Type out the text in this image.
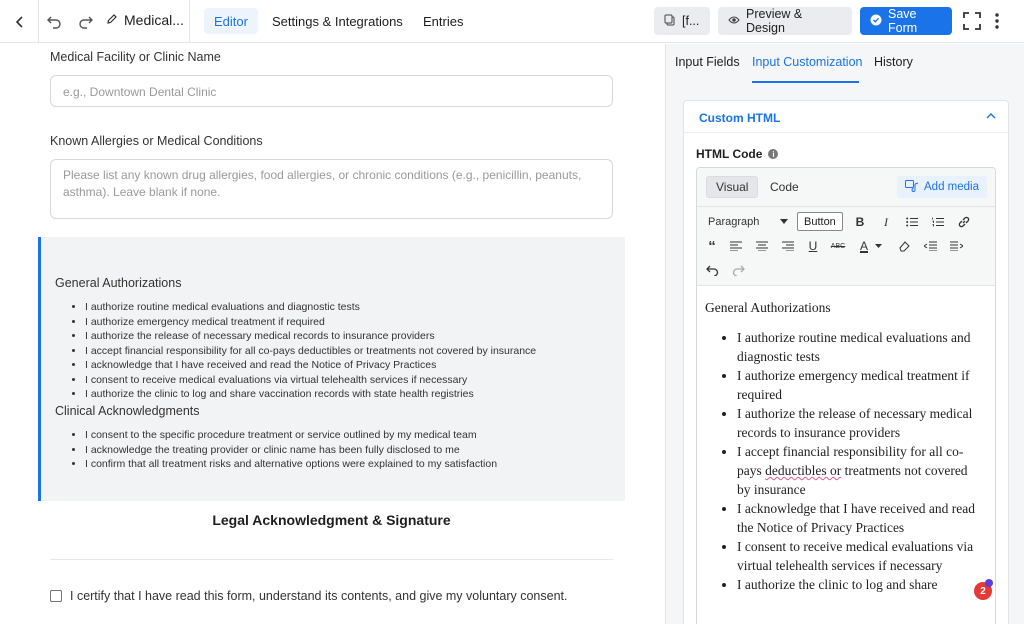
Medical...	Editor	Settings & Integrations	Entries	[f...	Preview & Design
Save Form
Medical Facility or Clinic Name
e.g., Downtown Dental Clinic
Known Allergies or Medical Conditions
Please list any known drug allergies, food allergies, or chronic conditions (e.g., penicillin, peanuts, asthma). Leave blank if none.
General Authorizations
• I authorize routine medical evaluations and diagnostic tests
• I authorize emergency medical treatment if required
• I authorize the release of necessary medical records to insurance providers
• I accept financial responsibility for all co-pays deductibles or treatments not covered by insurance
• I acknowledge that I have received and read the Notice of Privacy Practices
• I consent to receive medical evaluations via virtual telehealth services if necessary
• I authorize the clinic to log and share vaccination records with state health registries
Clinical Acknowledgments
• I consent to the specific procedure treatment or service outlined by my medical team
• I acknowledge the treating provider or clinic name has been fully disclosed to me
• I confirm that all treatment risks and alternative options were explained to my satisfaction
Legal Acknowledgment & Signature
I certify that I have read this form, understand its contents, and give my voluntary consent.
Input Fields Input Customization History
Custom HTML
HTML Code	i
Visual	Code	Add media
Paragraph	Button	B	I
“	U	ABC	A
General Authorizations
• I authorize routine medical evaluations and
diagnostic tests
• I authorize emergency medical treatment if
required
• I authorize the release of necessary medical
records to insurance providers
• I accept financial responsibility for all co-
pays deductibles or treatments not covered
by insurance
• I acknowledge that I have received and read
the Notice of Privacy Practices
• I consent to receive medical evaluations via
virtual telehealth services if necessary
• I authorize the clinic to log and share	2
